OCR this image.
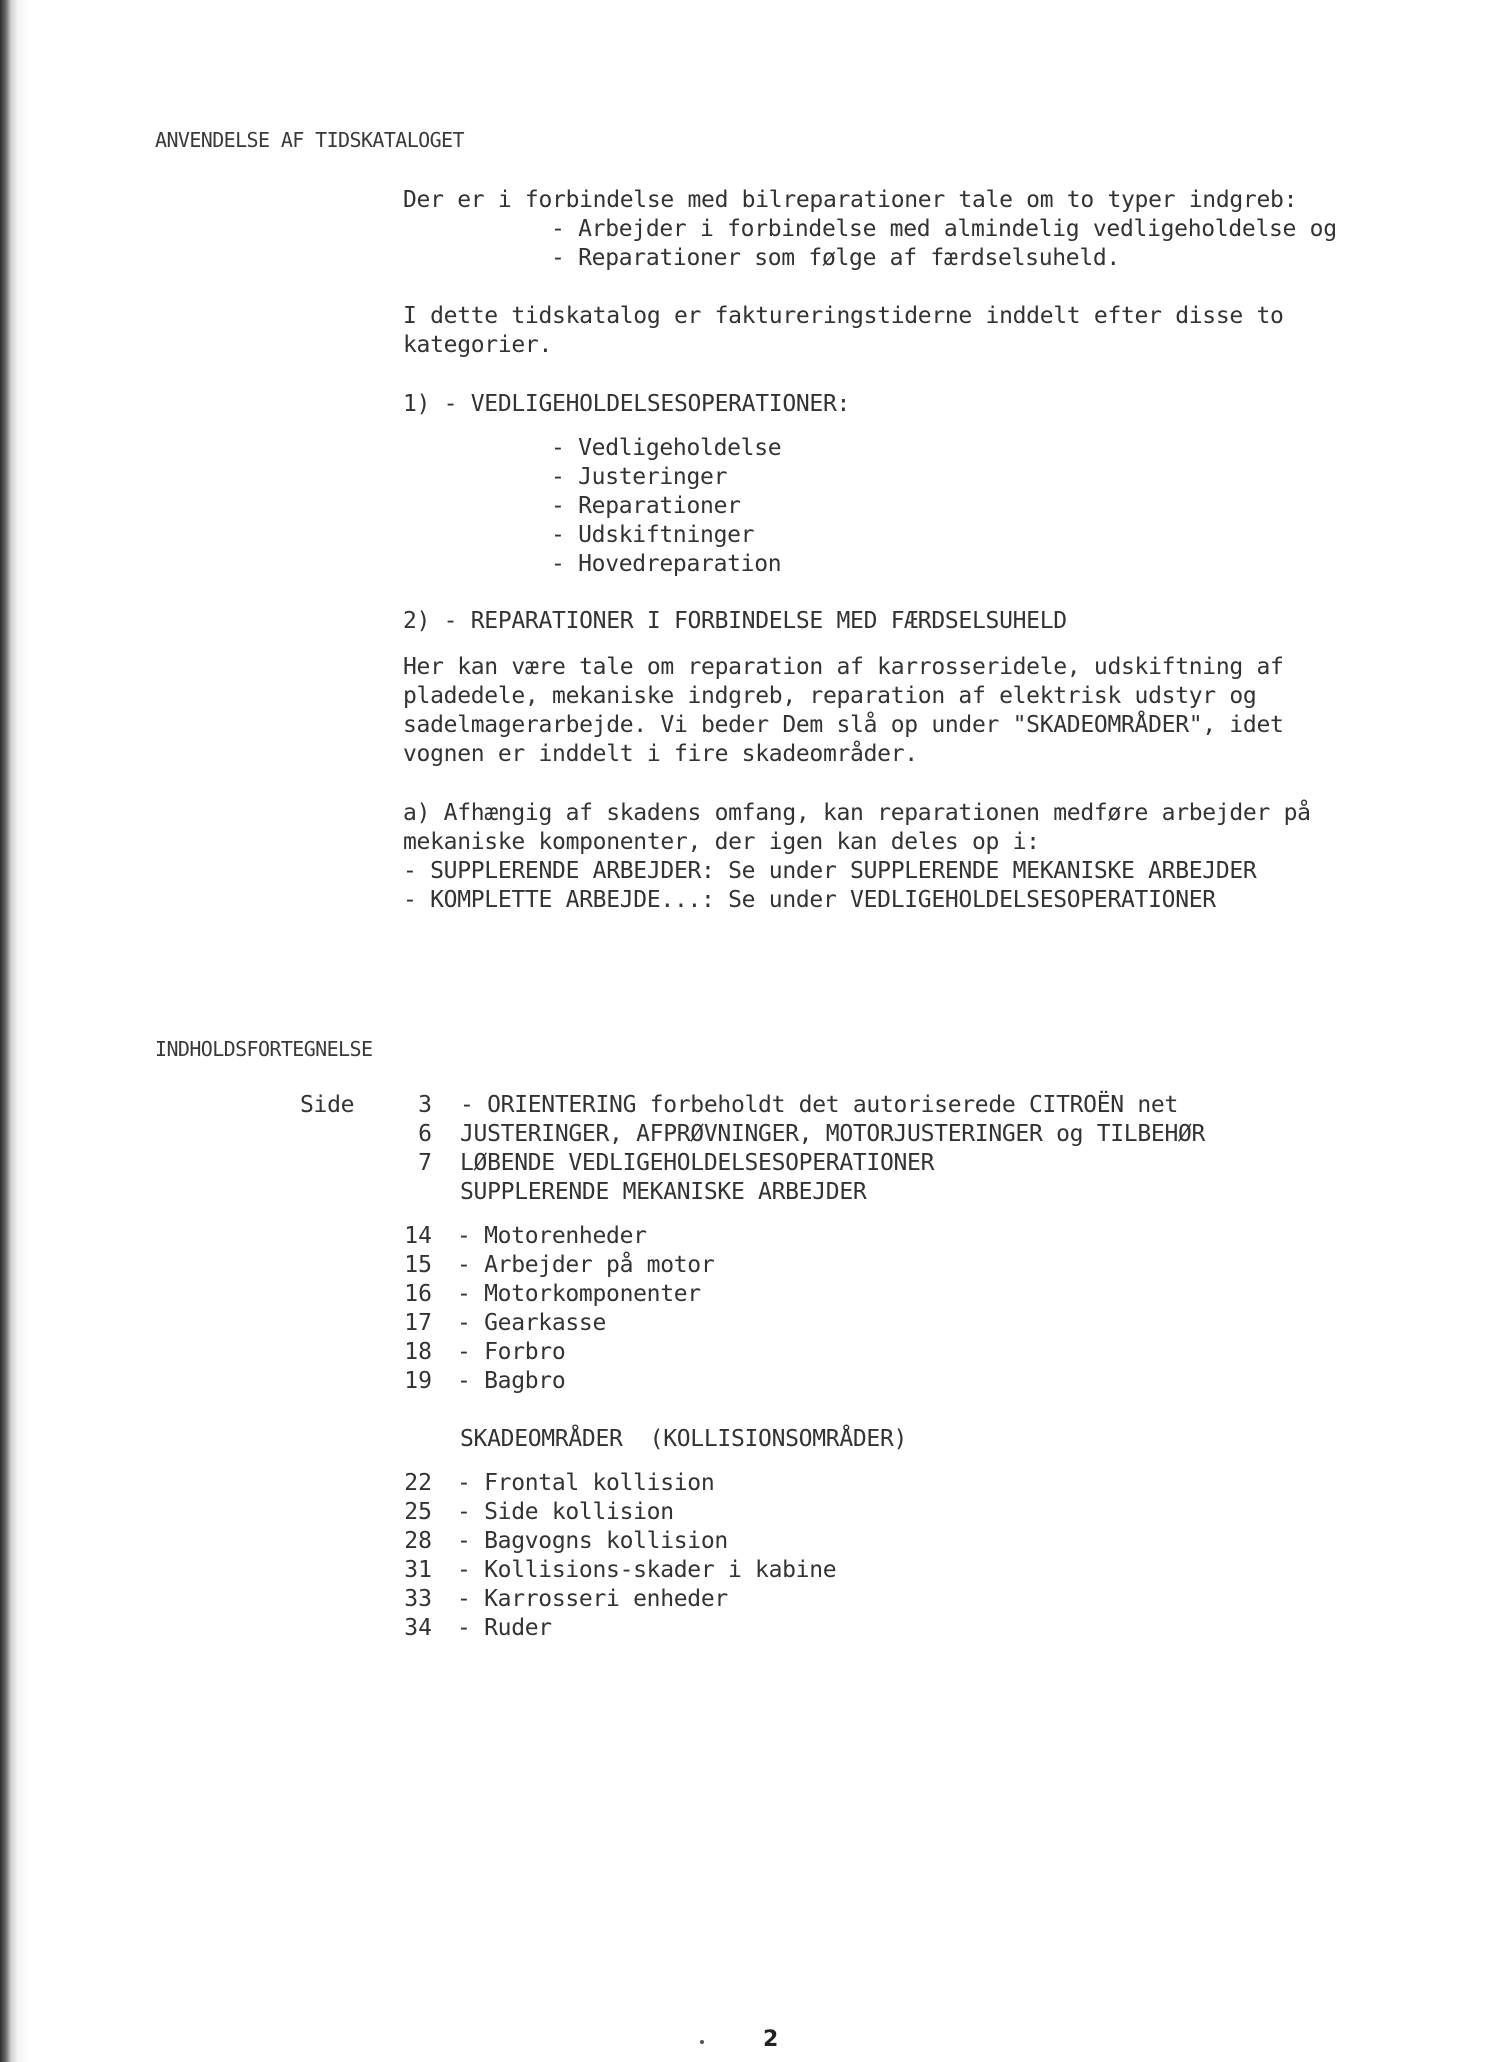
ANVENDELSE AF TIDSKATALOGET
Der er i forbindelse med bilreparationer tale om to typer indgreb:
- Arbejder i forbindelse med almindelig vedligeholdelse og
- Reparationer som følge af færdselsuheld.
I dette tidskatalog er faktureringstiderne inddelt efter disse to
kategorier.
1) - VEDLIGEHOLDELSESOPERATIONER:
- Vedligeholdelse
- Justeringer
- Reparationer
- Udskiftninger
- Hovedreparation
2) - REPARATIONER I FORBINDELSE MED FÆRDSELSUHELD
Her kan være tale om reparation af karrosseridele, udskiftning af
pladedele, mekaniske indgreb, reparation af elektrisk udstyr og
sadelmagerarbejde. Vi beder Dem slå op under "SKADEOMRÅDER", idet
vognen er inddelt i fire skadeområder.
a) Afhængig af skadens omfang, kan reparationen medføre arbejder på
mekaniske komponenter, der igen kan deles op i:
- SUPPLERENDE ARBEJDER: Se under SUPPLERENDE MEKANISKE ARBEJDER
- KOMPLETTE ARBEJDE...: Se under VEDLIGEHOLDELSESOPERATIONER
INDHOLDSFORTEGNELSE
Side	3 - ORIENTERING forbeholdt det autoriserede CITROËN net
6 JUSTERINGER, AFPRØVNINGER, MOTORJUSTERINGER og TILBEHØR
7 LØBENDE VEDLIGEHOLDELSESOPERATIONER
SUPPLERENDE MEKANISKE ARBEJDER
14 - Motorenheder
15 - Arbejder på motor
16 - Motorkomponenter
17 - Gearkasse
18 - Forbro
19 - Bagbro
SKADEOMRÅDER  (KOLLISIONSOMRÅDER)
22 - Frontal kollision
25 - Side kollision
28 - Bagvogns kollision
31 - Kollisions-skader i kabine
33 - Karrosseri enheder
34 - Ruder
2
